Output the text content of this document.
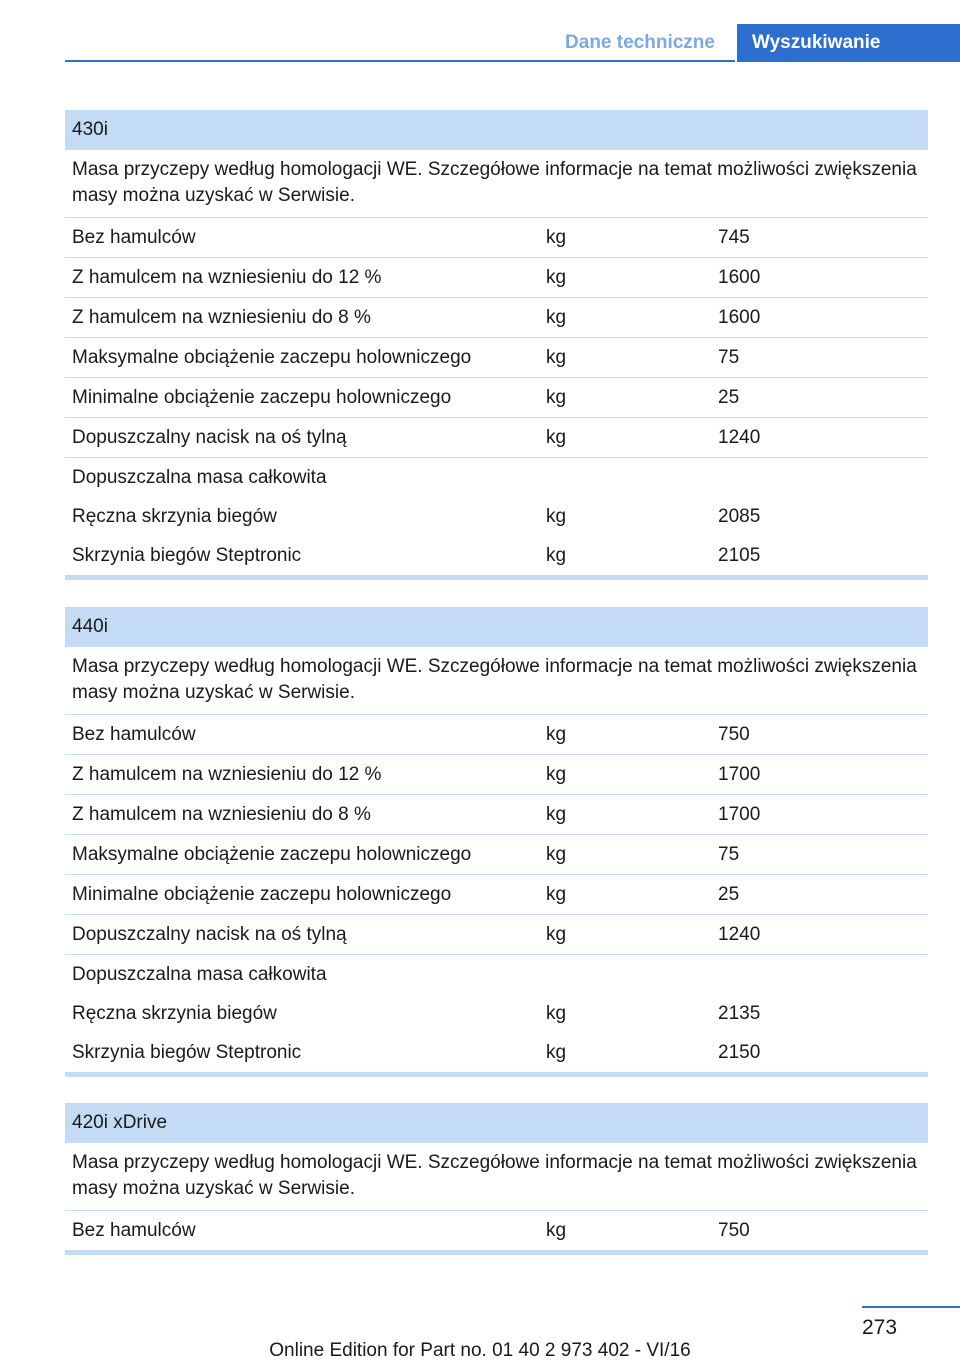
Dane techniczne	Wyszukiwanie
430i
Masa przyczepy według homologacji WE. Szczegółowe informacje na temat możliwości zwiększenia masy można uzyskać w Serwisie.
Bez hamulców	kg	745
Z hamulcem na wzniesieniu do 12 %	kg	1600
Z hamulcem na wzniesieniu do 8 %	kg	1600
Maksymalne obciążenie zaczepu holowniczego	kg	75
Minimalne obciążenie zaczepu holowniczego	kg	25
Dopuszczalny nacisk na oś tylną	kg	1240
Dopuszczalna masa całkowita
Ręczna skrzynia biegów	kg	2085
Skrzynia biegów Steptronic	kg	2105
440i
Masa przyczepy według homologacji WE. Szczegółowe informacje na temat możliwości zwiększenia masy można uzyskać w Serwisie.
Bez hamulców	kg	750
Z hamulcem na wzniesieniu do 12 %	kg	1700
Z hamulcem na wzniesieniu do 8 %	kg	1700
Maksymalne obciążenie zaczepu holowniczego	kg	75
Minimalne obciążenie zaczepu holowniczego	kg	25
Dopuszczalny nacisk na oś tylną	kg	1240
Dopuszczalna masa całkowita
Ręczna skrzynia biegów	kg	2135
Skrzynia biegów Steptronic	kg	2150
420i xDrive
Masa przyczepy według homologacji WE. Szczegółowe informacje na temat możliwości zwiększenia masy można uzyskać w Serwisie.
Bez hamulców	kg	750
273
Online Edition for Part no. 01 40 2 973 402 - VI/16
